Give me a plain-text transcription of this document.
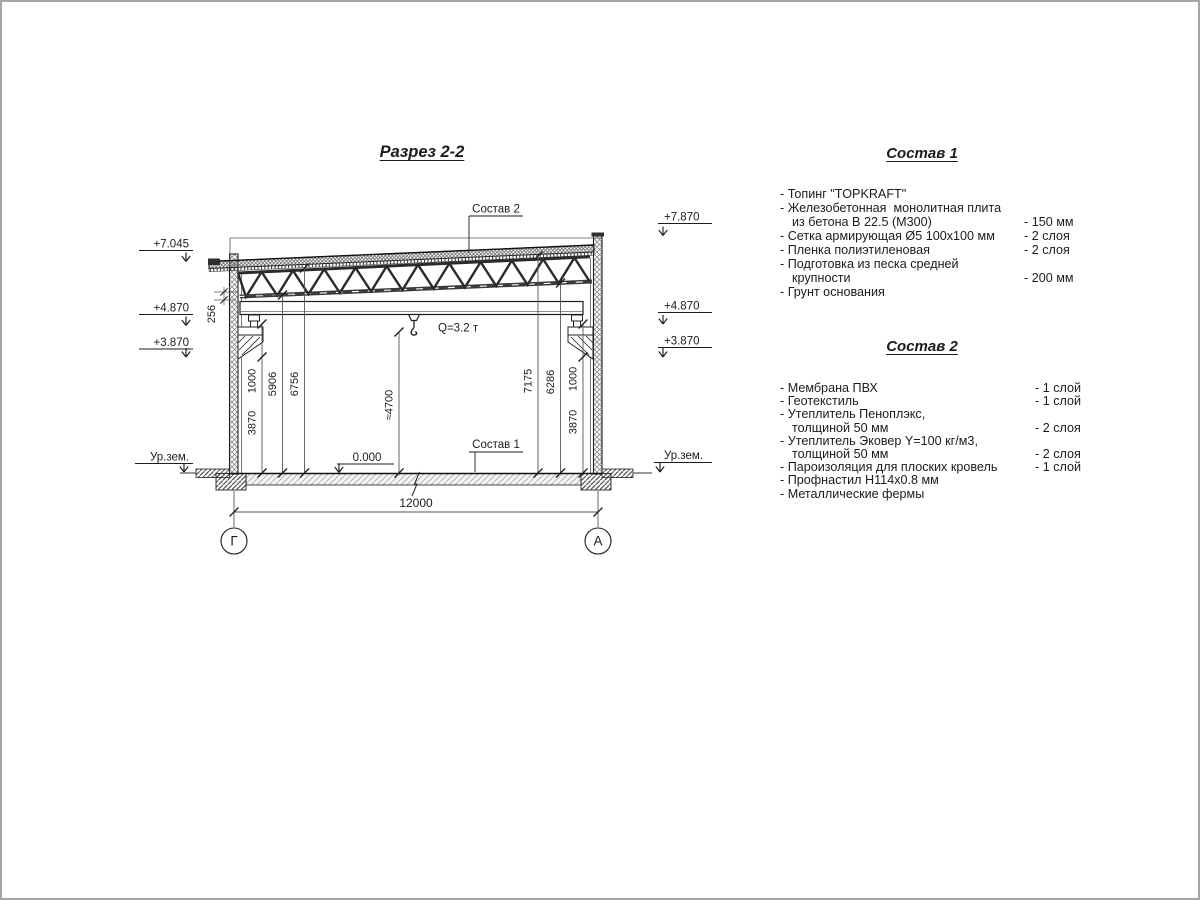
Разрез 2-2	Состав 1
Состав 2
Q=3.2 т
1000
3870
5906 6756
≈4700
7175 6286 1000
3870
256
+7.045
+4.870
+3.870
Ур.зем.
+7.870
+4.870
+3.870
Ур.зем.
Состав 2
Состав 1
0.000
12000
Г	А
- Топинг "TOPKRAFT"
- Железобетонная  монолитная плита
из бетона В 22.5 (М300)	- 150 мм
- Сетка армирующая Ø5 100x100 мм	- 2 слоя
- Пленка полиэтиленовая	- 2 слоя
- Подготовка из песка средней
крупности	- 200 мм
- Грунт основания
- Мембрана ПВХ	- 1 слой
- Геотекстиль	- 1 слой
- Утеплитель Пеноплэкс,
толщиной 50 мм	- 2 слоя
- Утеплитель Эковер Y=100 кг/м3,
толщиной 50 мм	- 2 слоя
- Пароизоляция для плоских кровель	- 1 слой
- Профнастил Н114x0.8 мм
- Металлические фермы
